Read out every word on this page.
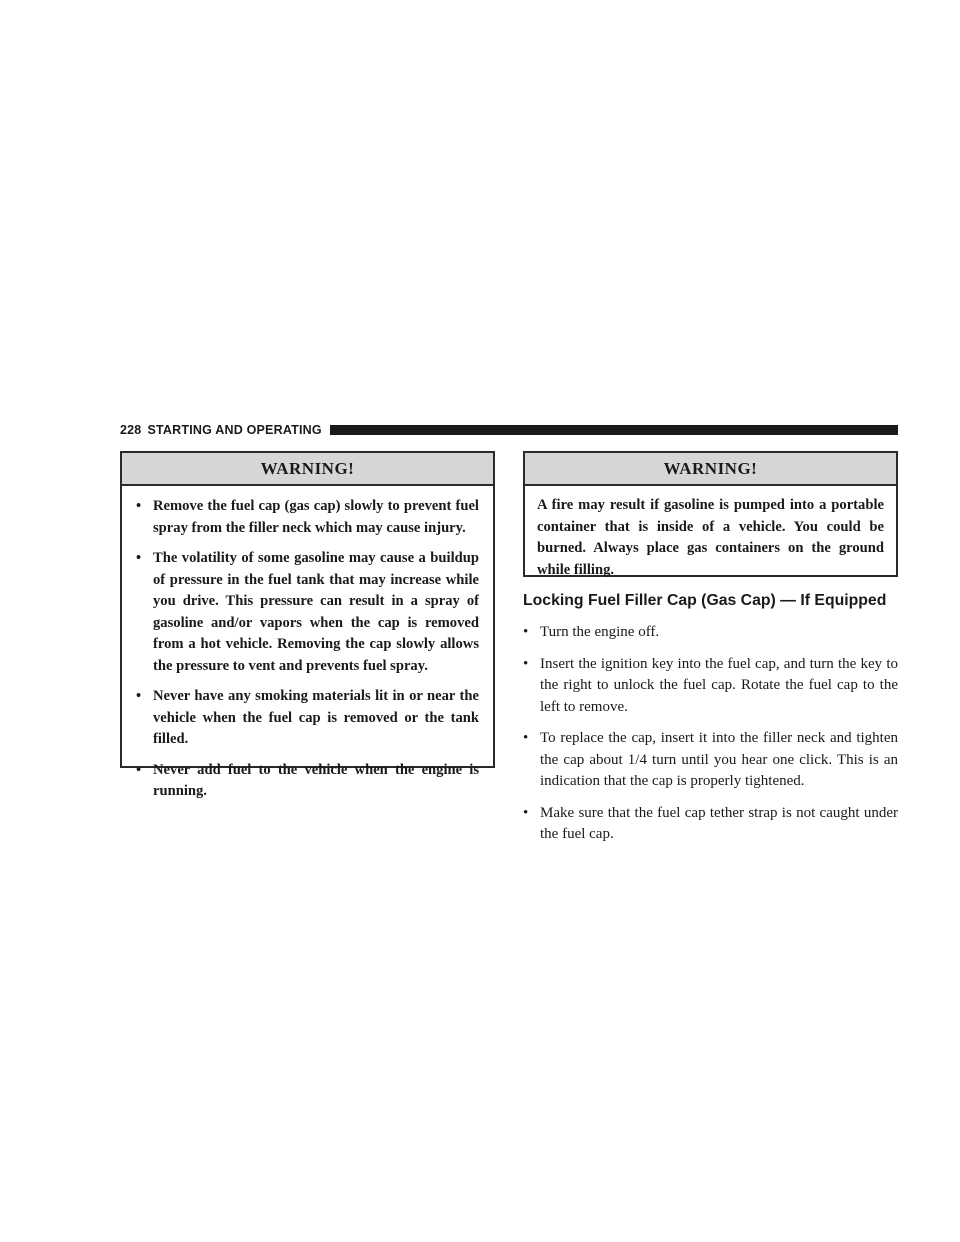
228 STARTING AND OPERATING
WARNING!
• Remove the fuel cap (gas cap) slowly to prevent fuel spray from the filler neck which may cause injury.
• The volatility of some gasoline may cause a buildup of pressure in the fuel tank that may increase while you drive. This pressure can result in a spray of gasoline and/or vapors when the cap is removed from a hot vehicle. Removing the cap slowly allows the pressure to vent and prevents fuel spray.
• Never have any smoking materials lit in or near the vehicle when the fuel cap is removed or the tank filled.
• Never add fuel to the vehicle when the engine is running.
WARNING!

A fire may result if gasoline is pumped into a portable container that is inside of a vehicle. You could be burned. Always place gas containers on the ground while filling.

Locking Fuel Filler Cap (Gas Cap) — If Equipped
• Turn the engine off.
• Insert the ignition key into the fuel cap, and turn the key to the right to unlock the fuel cap. Rotate the fuel cap to the left to remove.
• To replace the cap, insert it into the filler neck and tighten the cap about 1/4 turn until you hear one click. This is an indication that the cap is properly tightened.
• Make sure that the fuel cap tether strap is not caught under the fuel cap.
